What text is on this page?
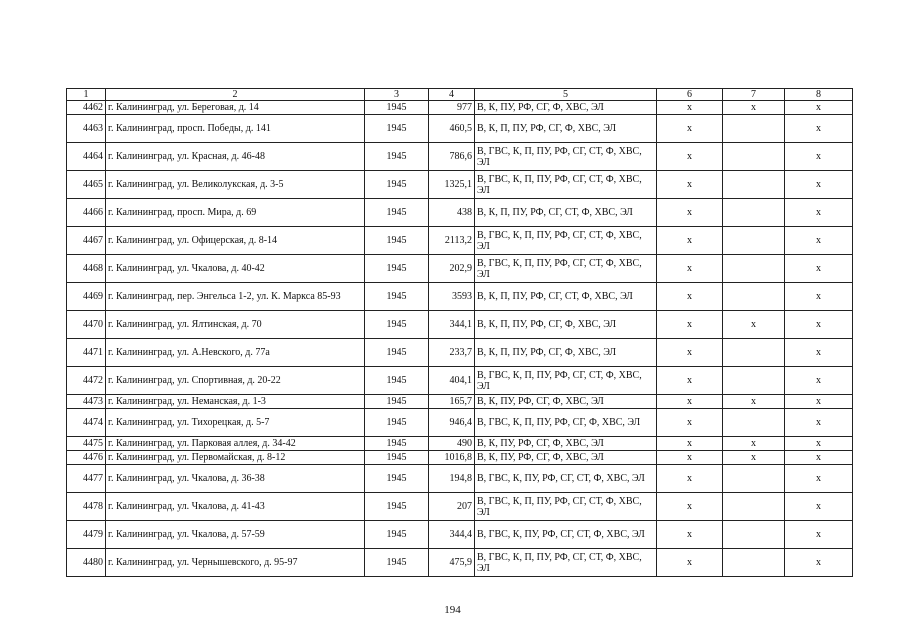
1	2	3	4	5	6	7	8
4462	г. Калининград, ул. Береговая, д. 14	1945	977	В, К, ПУ, РФ, СГ, Ф, ХВС, ЭЛ	х	х	х
4463	г. Калининград, просп. Победы, д. 141	1945	460,5	В, К, П, ПУ, РФ, СГ, Ф, ХВС, ЭЛ	х		х
4464	г. Калининград, ул. Красная, д. 46-48	1945	786,6	В, ГВС, К, П, ПУ, РФ, СГ, СТ, Ф, ХВС, ЭЛ	х		х
4465	г. Калининград, ул. Великолукская, д. 3-5	1945	1325,1	В, ГВС, К, П, ПУ, РФ, СГ, СТ, Ф, ХВС, ЭЛ	х		х
4466	г. Калининград, просп. Мира, д. 69	1945	438	В, К, П, ПУ, РФ, СГ, СТ, Ф, ХВС, ЭЛ	х		х
4467	г. Калининград, ул. Офицерская, д. 8-14	1945	2113,2	В, ГВС, К, П, ПУ, РФ, СГ, СТ, Ф, ХВС, ЭЛ	х		х
4468	г. Калининград, ул. Чкалова, д. 40-42	1945	202,9	В, ГВС, К, П, ПУ, РФ, СГ, СТ, Ф, ХВС, ЭЛ	х		х
4469	г. Калининград, пер. Энгельса 1-2, ул. К. Маркса 85-93	1945	3593	В, К, П, ПУ, РФ, СГ, СТ, Ф, ХВС, ЭЛ	х		х
4470	г. Калининград, ул. Ялтинская, д. 70	1945	344,1	В, К, П, ПУ, РФ, СГ, Ф, ХВС, ЭЛ	х	х	х
4471	г. Калининград, ул. А.Невского, д. 77а	1945	233,7	В, К, П, ПУ, РФ, СГ, Ф, ХВС, ЭЛ	х		х
4472	г. Калининград, ул. Спортивная, д. 20-22	1945	404,1	В, ГВС, К, П, ПУ, РФ, СГ, СТ, Ф, ХВС, ЭЛ	х		х
4473	г. Калининград, ул. Неманская, д. 1-3	1945	165,7	В, К, ПУ, РФ, СГ, Ф, ХВС, ЭЛ	х	х	х
4474	г. Калининград, ул. Тихорецкая, д. 5-7	1945	946,4	В, ГВС, К, П, ПУ, РФ, СГ, Ф, ХВС, ЭЛ	х		х
4475	г. Калининград, ул. Парковая аллея, д. 34-42	1945	490	В, К, ПУ, РФ, СГ, Ф, ХВС, ЭЛ	х	х	х
4476	г. Калининград, ул. Первомайская, д. 8-12	1945	1016,8	В, К, ПУ, РФ, СГ, Ф, ХВС, ЭЛ	х	х	х
4477	г. Калининград, ул. Чкалова, д. 36-38	1945	194,8	В, ГВС, К, ПУ, РФ, СГ, СТ, Ф, ХВС, ЭЛ	х		х
4478	г. Калининград, ул. Чкалова, д. 41-43	1945	207	В, ГВС, К, П, ПУ, РФ, СГ, СТ, Ф, ХВС, ЭЛ	х		х
4479	г. Калининград, ул. Чкалова, д. 57-59	1945	344,4	В, ГВС, К, ПУ, РФ, СГ, СТ, Ф, ХВС, ЭЛ	х		х
4480	г. Калининград, ул. Чернышевского, д. 95-97	1945	475,9	В, ГВС, К, П, ПУ, РФ, СГ, СТ, Ф, ХВС, ЭЛ	х		х
194
